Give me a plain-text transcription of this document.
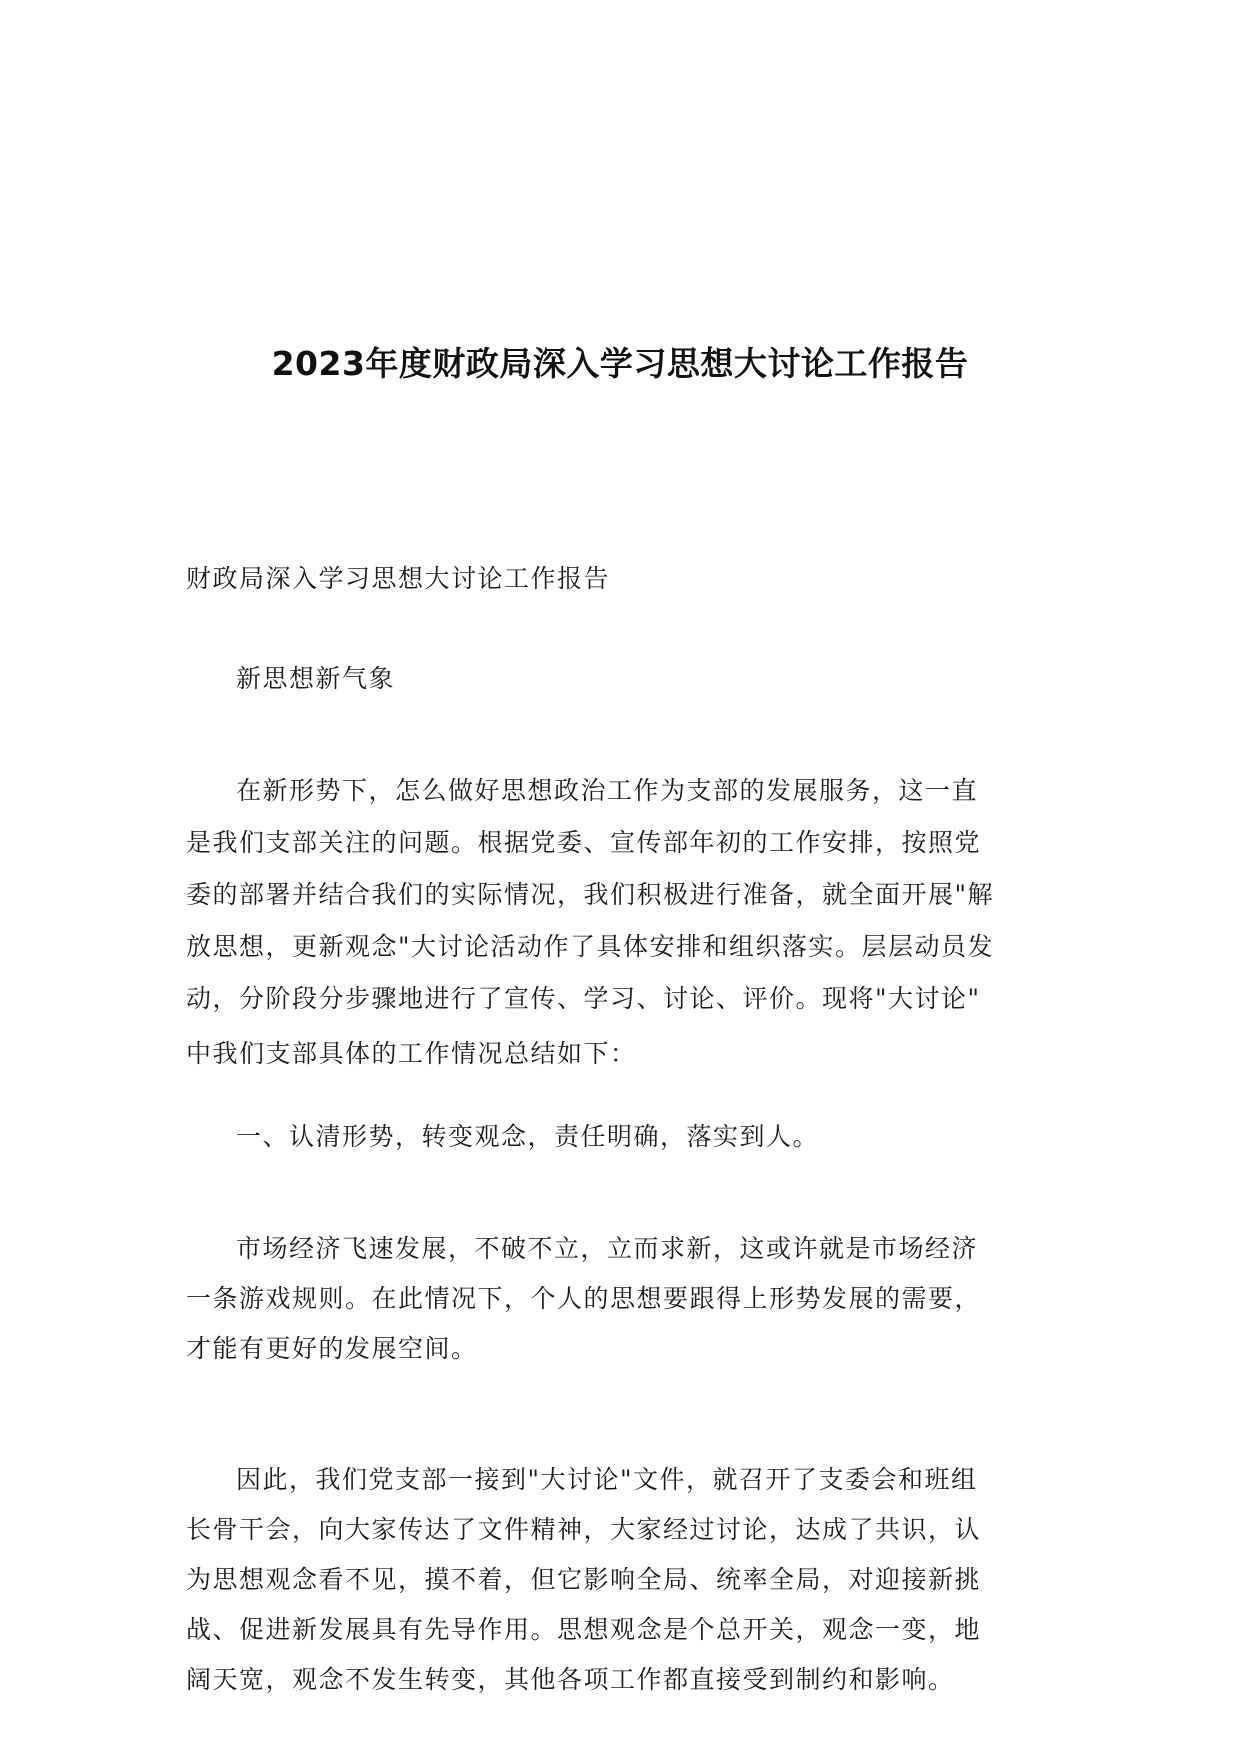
2023年度财政局深入学习思想大讨论工作报告
财政局深入学习思想大讨论工作报告
新思想新气象
在新形势下，怎么做好思想政治工作为支部的发展服务，这一直
是我们支部关注的问题。根据党委、宣传部年初的工作安排，按照党
委的部署并结合我们的实际情况，我们积极进行准备，就全面开展"解
放思想，更新观念"大讨论活动作了具体安排和组织落实。层层动员发
动，分阶段分步骤地进行了宣传、学习、讨论、评价。现将"大讨论"
中我们支部具体的工作情况总结如下：
一、认清形势，转变观念，责任明确，落实到人。
市场经济飞速发展，不破不立，立而求新，这或许就是市场经济
一条游戏规则。在此情况下，个人的思想要跟得上形势发展的需要，
才能有更好的发展空间。
因此，我们党支部一接到"大讨论"文件，就召开了支委会和班组
长骨干会，向大家传达了文件精神，大家经过讨论，达成了共识，认
为思想观念看不见，摸不着，但它影响全局、统率全局，对迎接新挑
战、促进新发展具有先导作用。思想观念是个总开关，观念一变，地
阔天宽，观念不发生转变，其他各项工作都直接受到制约和影响。
